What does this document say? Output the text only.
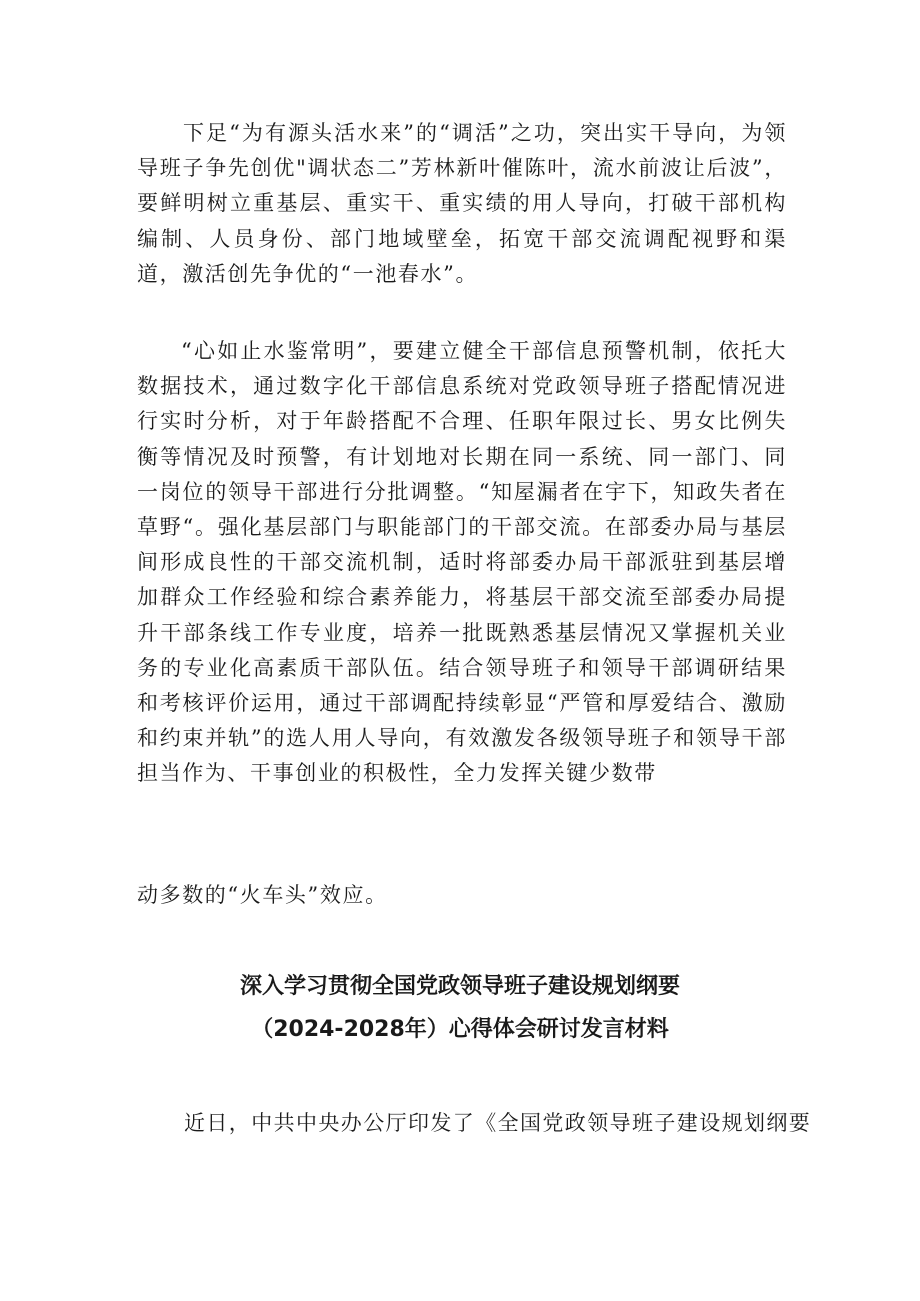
下足“为有源头活水来”的“调活”之功，突出实干导向，为领导班子争先创优"调状态二”芳林新叶催陈叶，流水前波让后波”，要鲜明树立重基层、重实干、重实绩的用人导向，打破干部机构编制、人员身份、部门地域壁垒，拓宽干部交流调配视野和渠道，激活创先争优的“一池春水”。

“心如止水鉴常明”，要建立健全干部信息预警机制，依托大数据技术，通过数字化干部信息系统对党政领导班子搭配情况进行实时分析，对于年龄搭配不合理、任职年限过长、男女比例失衡等情况及时预警，有计划地对长期在同一系统、同一部门、同一岗位的领导干部进行分批调整。“知屋漏者在宇下，知政失者在草野“。强化基层部门与职能部门的干部交流。在部委办局与基层间形成良性的干部交流机制，适时将部委办局干部派驻到基层增加群众工作经验和综合素养能力，将基层干部交流至部委办局提升干部条线工作专业度，培养一批既熟悉基层情况又掌握机关业务的专业化高素质干部队伍。结合领导班子和领导干部调研结果和考核评价运用，通过干部调配持续彰显“严管和厚爱结合、激励和约束并轨”的选人用人导向，有效激发各级领导班子和领导干部担当作为、干事创业的积极性，全力发挥关键少数带

动多数的“火车头”效应。

深入学习贯彻全国党政领导班子建设规划纲要
（2024-2028年）心得体会研讨发言材料

近日，中共中央办公厅印发了《全国党政领导班子建设规划纲要
